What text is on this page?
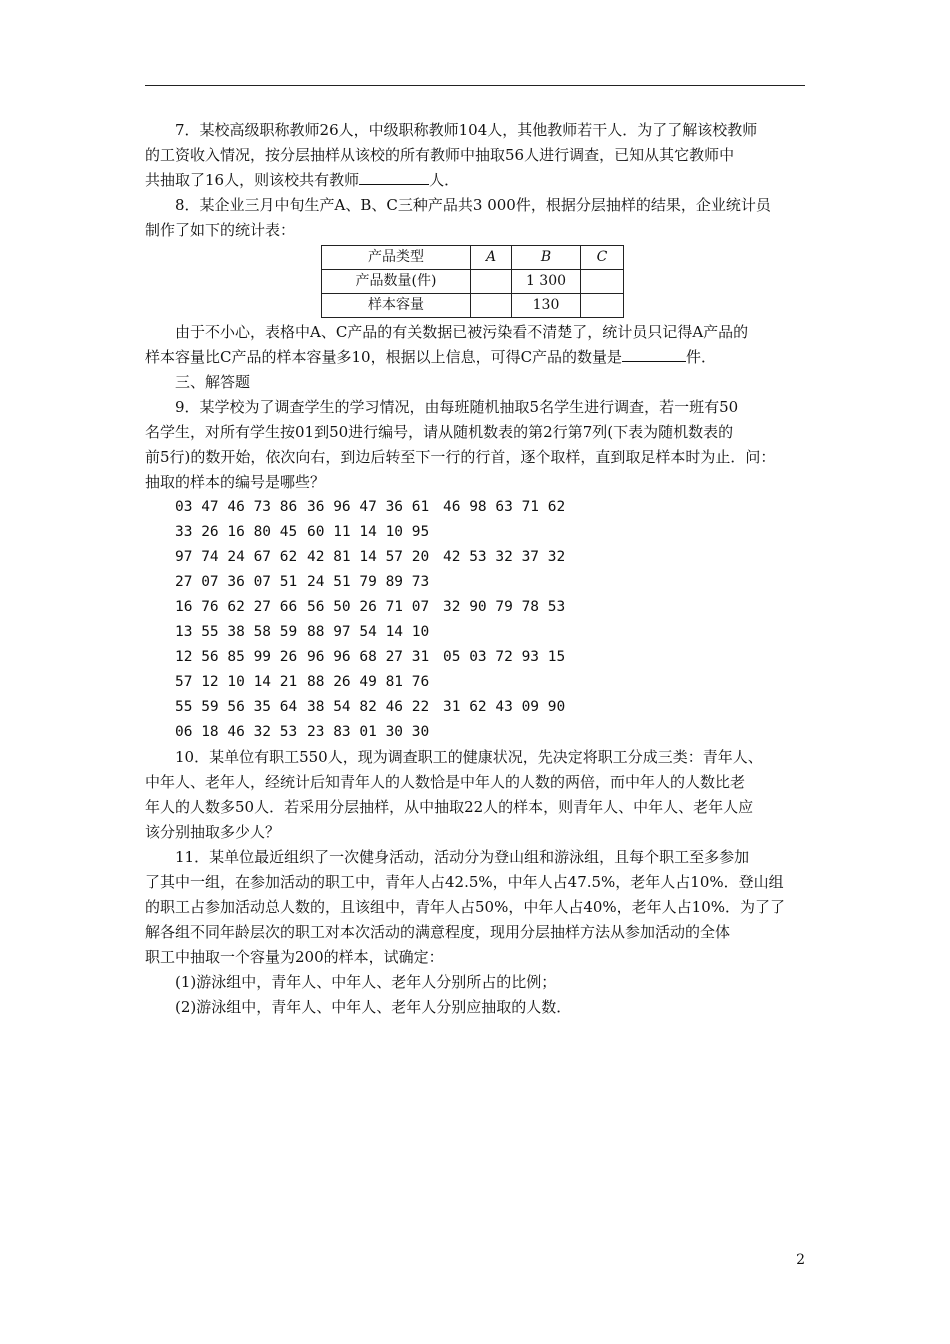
7．某校高级职称教师26人，中级职称教师104人，其他教师若干人．为了了解该校教师

的工资收入情况，按分层抽样从该校的所有教师中抽取56人进行调查，已知从其它教师中

共抽取了16人，则该校共有教师	人．

8．某企业三月中旬生产A、B、C三种产品共3 000件，根据分层抽样的结果，企业统计员

制作了如下的统计表：

产品类型	A	B	C
产品数量(件)		1 300	
样本容量		130	

由于不小心，表格中A、C产品的有关数据已被污染看不清楚了，统计员只记得A产品的

样本容量比C产品的样本容量多10，根据以上信息，可得C产品的数量是	件．

三、解答题

9．某学校为了调查学生的学习情况，由每班随机抽取5名学生进行调查，若一班有50

名学生，对所有学生按01到50进行编号，请从随机数表的第2行第7列(下表为随机数表的

前5行)的数开始，依次向右，到边后转至下一行的行首，逐个取样，直到取足样本时为止．问：

抽取的样本的编号是哪些？

03 47 46 73 86 36 96 47 36 61 46 98 63 71 62
33 26 16 80 45 60 11 14 10 95
97 74 24 67 62 42 81 14 57 20 42 53 32 37 32
27 07 36 07 51 24 51 79 89 73
16 76 62 27 66 56 50 26 71 07 32 90 79 78 53
13 55 38 58 59 88 97 54 14 10
12 56 85 99 26 96 96 68 27 31 05 03 72 93 15
57 12 10 14 21 88 26 49 81 76
55 59 56 35 64 38 54 82 46 22 31 62 43 09 90
06 18 46 32 53 23 83 01 30 30

10．某单位有职工550人，现为调查职工的健康状况，先决定将职工分成三类：青年人、

中年人、老年人，经统计后知青年人的人数恰是中年人的人数的两倍，而中年人的人数比老

年人的人数多50人．若采用分层抽样，从中抽取22人的样本，则青年人、中年人、老年人应

该分别抽取多少人？

11．某单位最近组织了一次健身活动，活动分为登山组和游泳组，且每个职工至多参加

了其中一组，在参加活动的职工中，青年人占42.5%，中年人占47.5%，老年人占10%．登山组

的职工占参加活动总人数的，且该组中，青年人占50%，中年人占40%，老年人占10%．为了了

解各组不同年龄层次的职工对本次活动的满意程度，现用分层抽样方法从参加活动的全体

职工中抽取一个容量为200的样本，试确定：

(1)游泳组中，青年人、中年人、老年人分别所占的比例；

(2)游泳组中，青年人、中年人、老年人分别应抽取的人数．

2
